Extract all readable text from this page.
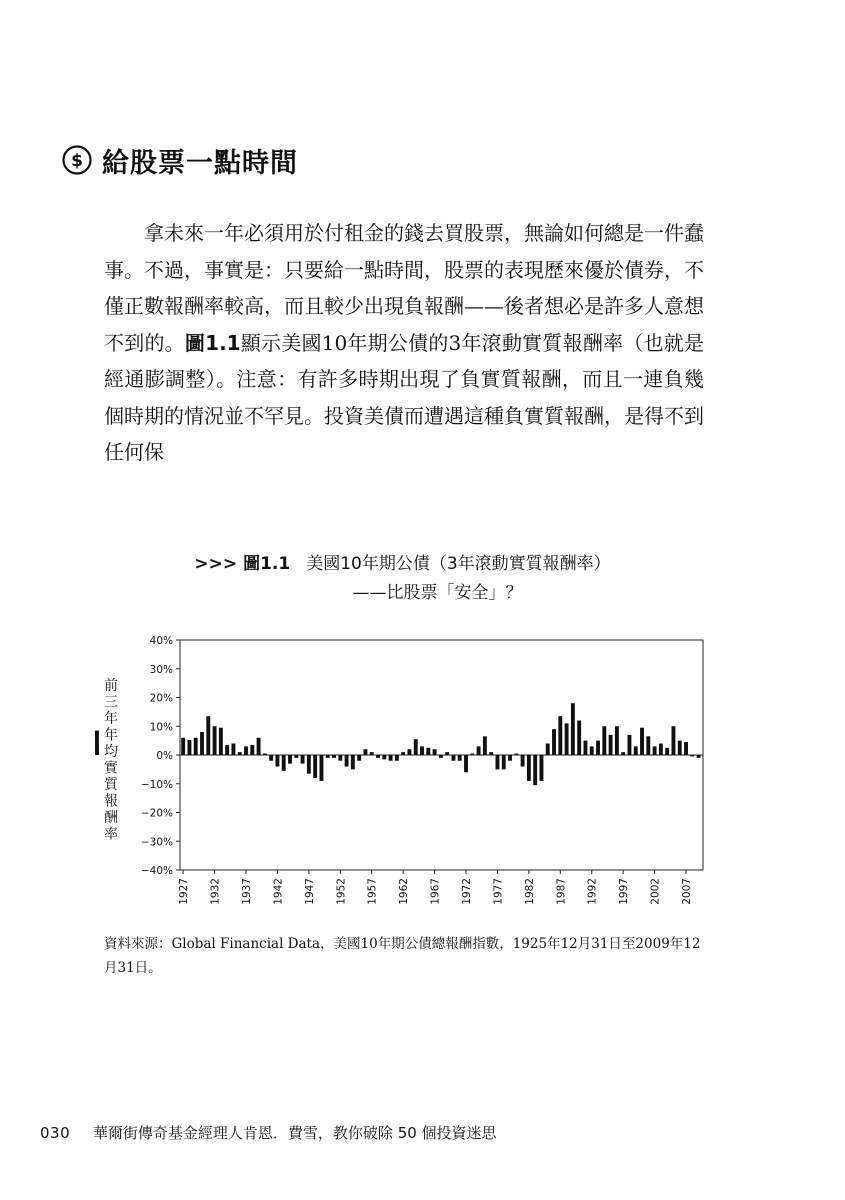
$ 給股票一點時間

拿未來一年必須用於付租金的錢去買股票，無論如何總是一件蠢事。不過，事實是：只要給一點時間，股票的表現歷來優於債券，不僅正數報酬率較高，而且較少出現負報酬——後者想必是許多人意想不到的。圖1.1顯示美國10年期公債的3年滾動實質報酬率（也就是經通膨調整）。注意：有許多時期出現了負實質報酬，而且一連負幾個時期的情況並不罕見。投資美債而遭遇這種負實質報酬，是得不到任何保

>>> 圖1.1 美國10年期公債（3年滾動實質報酬率）
——比股票「安全」？
前
三
年
年
均
實
質
報
酬
率
40%
30%
20%
10%
0%
−10%
−20%
−30%
−40%
1927 1932 1937 1942 1947 1952 1957 1962 1967 1972 1977 1982 1987 1992 1997 2002 2007
資料來源：Global Financial Data，美國10年期公債總報酬指數，1925年12月31日至2009年12月31日。
030 華爾街傳奇基金經理人肯恩．費雪，教你破除 50 個投資迷思
